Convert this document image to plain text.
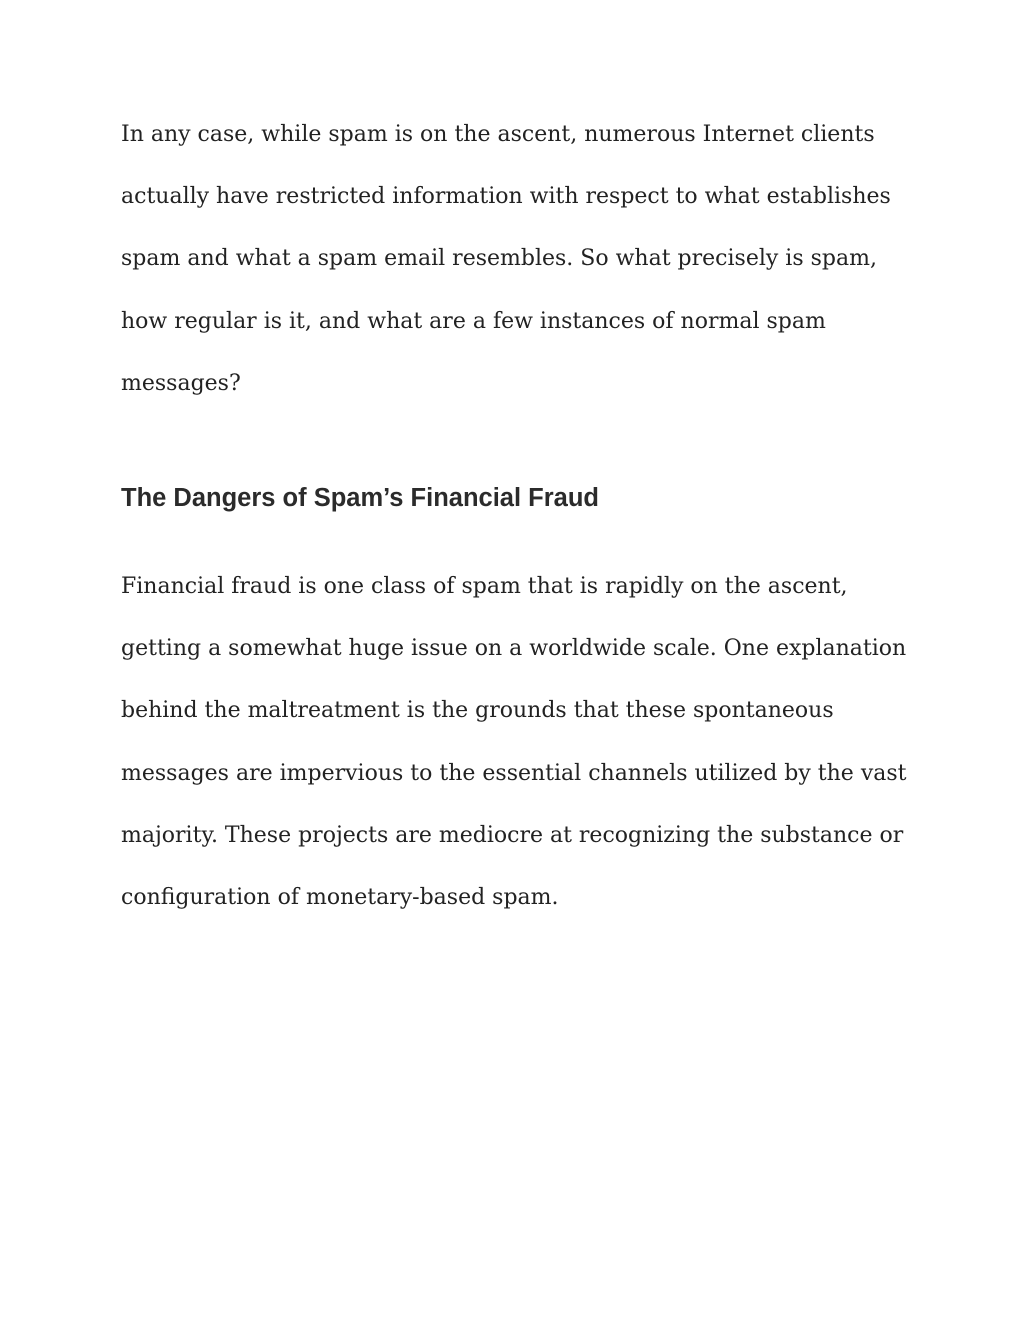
In any case, while spam is on the ascent, numerous Internet clients

actually have restricted information with respect to what establishes

spam and what a spam email resembles. So what precisely is spam,

how regular is it, and what are a few instances of normal spam

messages?

The Dangers of Spam’s Financial Fraud

Financial fraud is one class of spam that is rapidly on the ascent,

getting a somewhat huge issue on a worldwide scale. One explanation

behind the maltreatment is the grounds that these spontaneous

messages are impervious to the essential channels utilized by the vast

majority. These projects are mediocre at recognizing the substance or

configuration of monetary-based spam.
